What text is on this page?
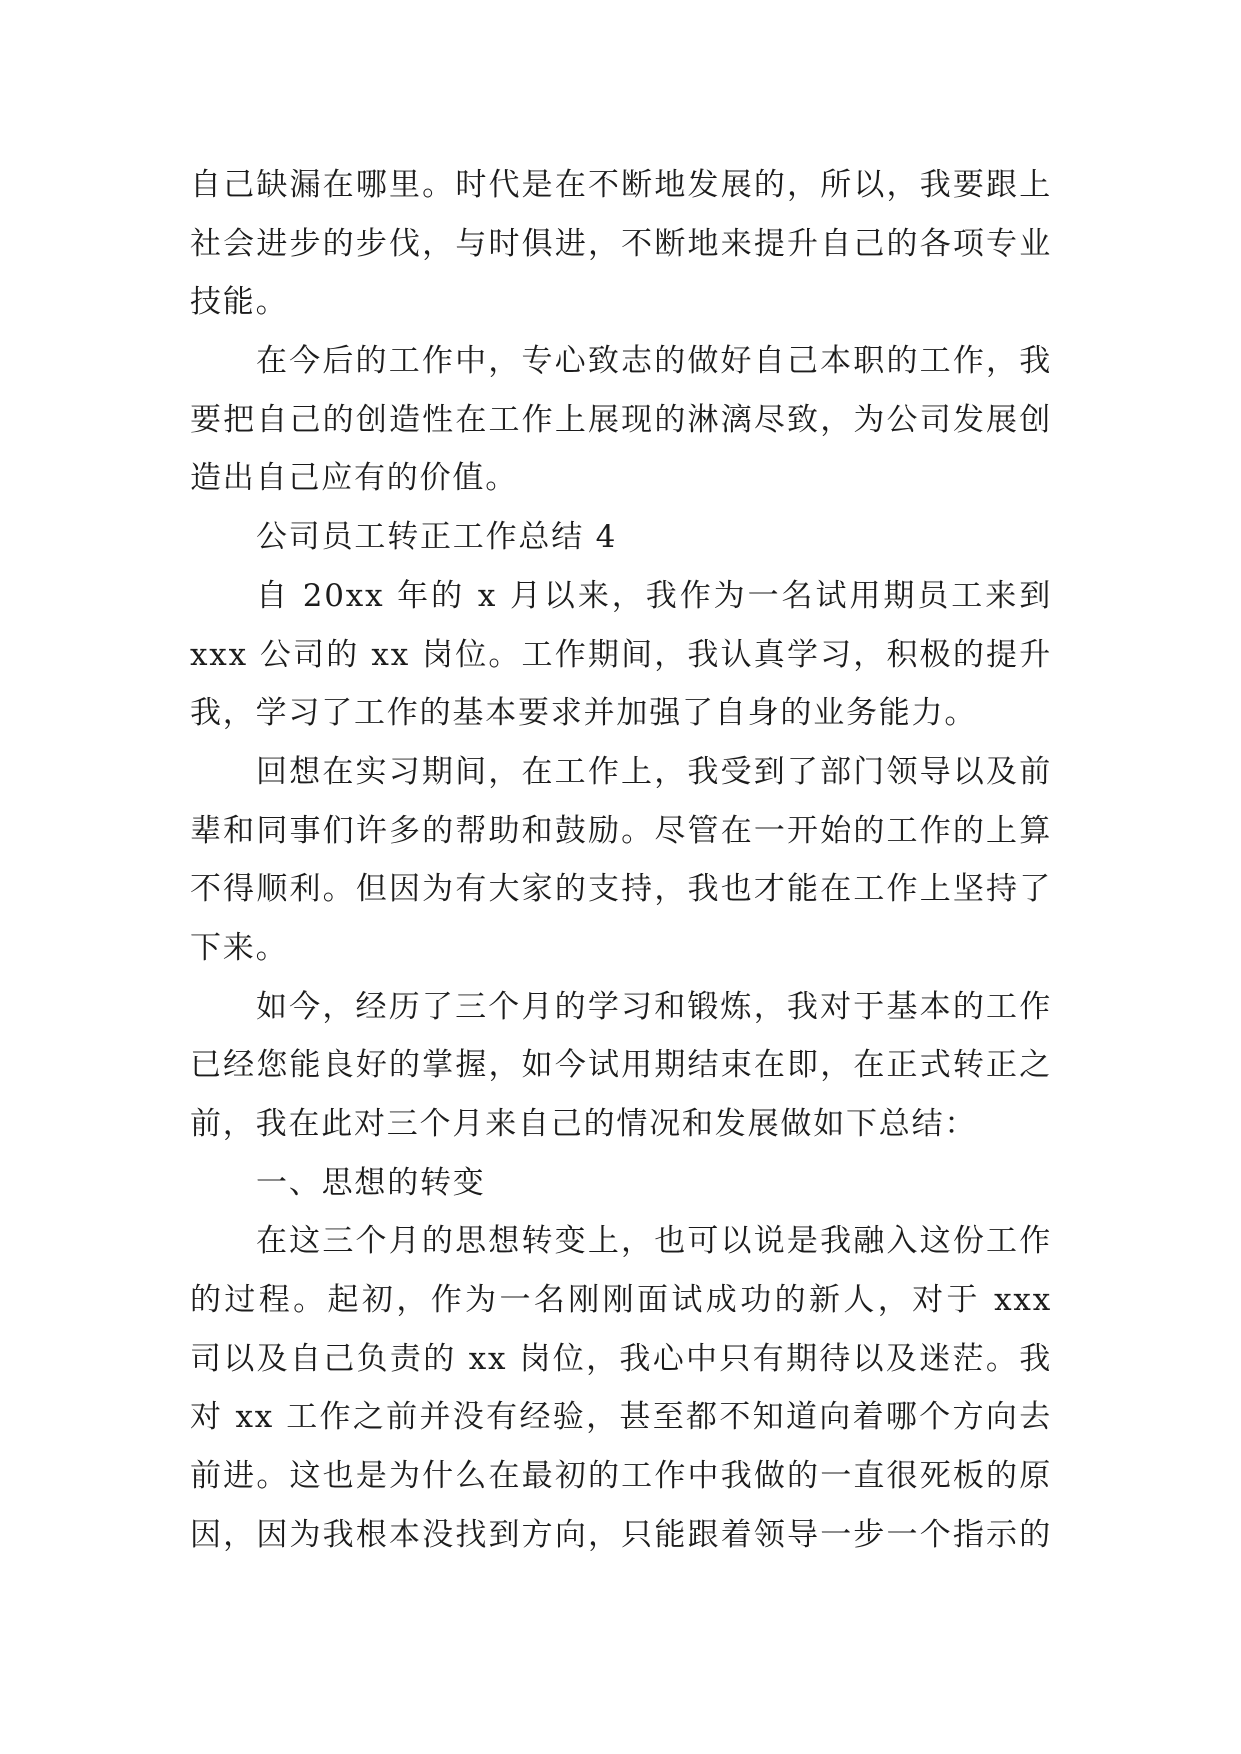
自己缺漏在哪里。时代是在不断地发展的，所以，我要跟上
社会进步的步伐，与时俱进，不断地来提升自己的各项专业
技能。
在今后的工作中，专心致志的做好自己本职的工作，我
要把自己的创造性在工作上展现的淋漓尽致，为公司发展创
造出自己应有的价值。
公司员工转正工作总结 4
自 20xx 年的 x 月以来，我作为一名试用期员工来到
xxx 公司的 xx 岗位。工作期间，我认真学习，积极的提升
我，学习了工作的基本要求并加强了自身的业务能力。
回想在实习期间，在工作上，我受到了部门领导以及前
辈和同事们许多的帮助和鼓励。尽管在一开始的工作的上算
不得顺利。但因为有大家的支持，我也才能在工作上坚持了
下来。
如今，经历了三个月的学习和锻炼，我对于基本的工作
已经您能良好的掌握，如今试用期结束在即，在正式转正之
前，我在此对三个月来自己的情况和发展做如下总结：
一、思想的转变
在这三个月的思想转变上，也可以说是我融入这份工作
的过程。起初，作为一名刚刚面试成功的新人，对于 xxx
司以及自己负责的 xx 岗位，我心中只有期待以及迷茫。我
对 xx 工作之前并没有经验，甚至都不知道向着哪个方向去
前进。这也是为什么在最初的工作中我做的一直很死板的原
因，因为我根本没找到方向，只能跟着领导一步一个指示的
